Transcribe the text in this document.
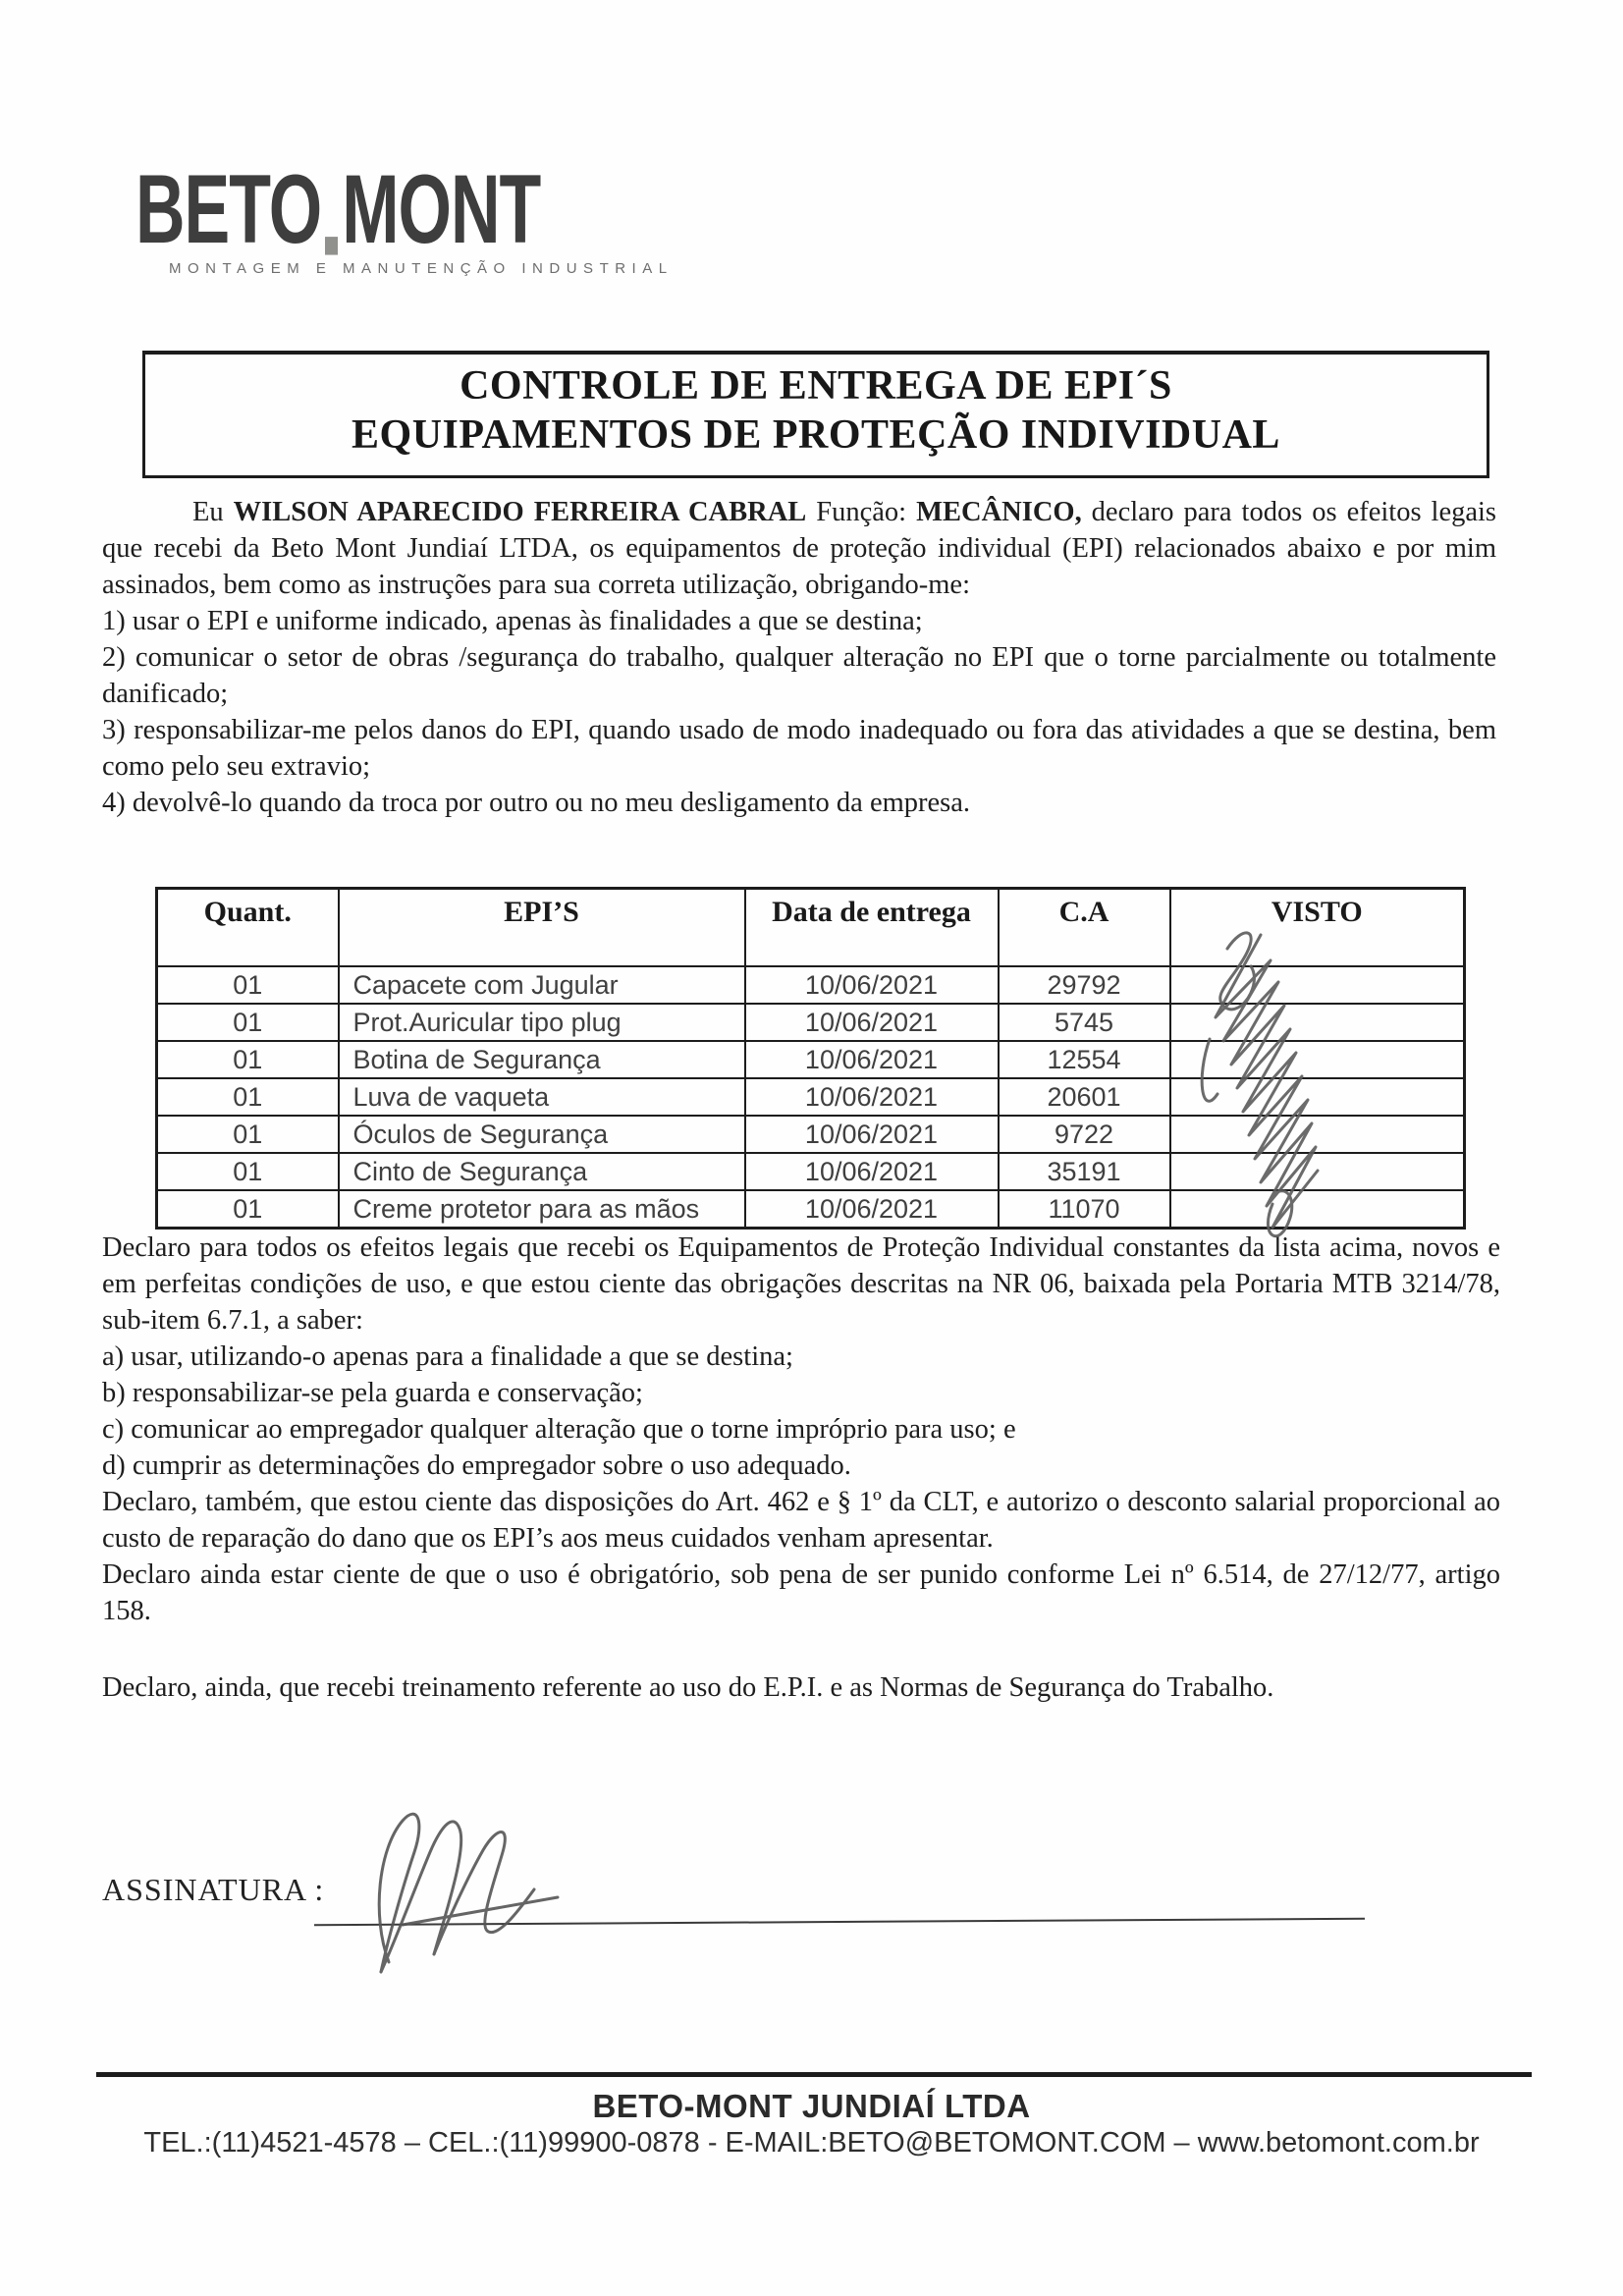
BETO MONT
MONTAGEM E MANUTENÇÃO INDUSTRIAL
CONTROLE DE ENTREGA DE EPI´S
EQUIPAMENTOS DE PROTEÇÃO INDIVIDUAL

Eu WILSON APARECIDO FERREIRA CABRAL Função: MECÂNICO, declaro para todos os efeitos legais que recebi da Beto Mont Jundiaí LTDA, os equipamentos de proteção individual (EPI) relacionados abaixo e por mim assinados, bem como as instruções para sua correta utilização, obrigando-me:

1) usar o EPI e uniforme indicado, apenas às finalidades a que se destina;
2) comunicar o setor de obras /segurança do trabalho, qualquer alteração no EPI que o torne parcialmente ou totalmente danificado;
3) responsabilizar-me pelos danos do EPI, quando usado de modo inadequado ou fora das atividades a que se destina, bem como pelo seu extravio;
4) devolvê-lo quando da troca por outro ou no meu desligamento da empresa.
Quant.	EPI’S	Data de entrega	C.A	VISTO
01	Capacete com Jugular	10/06/2021	29792	
01	Prot.Auricular tipo plug	10/06/2021	5745	
01	Botina de Segurança	10/06/2021	12554	
01	Luva de vaqueta	10/06/2021	20601	
01	Óculos de Segurança	10/06/2021	9722	
01	Cinto de Segurança	10/06/2021	35191	
01	Creme protetor para as mãos	10/06/2021	11070	

Declaro para todos os efeitos legais que recebi os Equipamentos de Proteção Individual constantes da lista acima, novos e em perfeitas condições de uso, e que estou ciente das obrigações descritas na NR 06, baixada pela Portaria MTB 3214/78, sub-item 6.7.1, a saber:

a) usar, utilizando-o apenas para a finalidade a que se destina;

b) responsabilizar-se pela guarda e conservação;

c) comunicar ao empregador qualquer alteração que o torne impróprio para uso; e

d) cumprir as determinações do empregador sobre o uso adequado.

Declaro, também, que estou ciente das disposições do Art. 462 e § 1º da CLT, e autorizo o desconto salarial proporcional ao custo de reparação do dano que os EPI’s aos meus cuidados venham apresentar.

Declaro ainda estar ciente de que o uso é obrigatório, sob pena de ser punido conforme Lei nº 6.514, de 27/12/77, artigo 158.

Declaro, ainda, que recebi treinamento referente ao uso do E.P.I. e as Normas de Segurança do Trabalho.
ASSINATURA :
BETO-MONT JUNDIAÍ LTDA
TEL.:(11)4521-4578 – CEL.:(11)99900-0878 - E-MAIL:BETO@BETOMONT.COM – www.betomont.com.br
